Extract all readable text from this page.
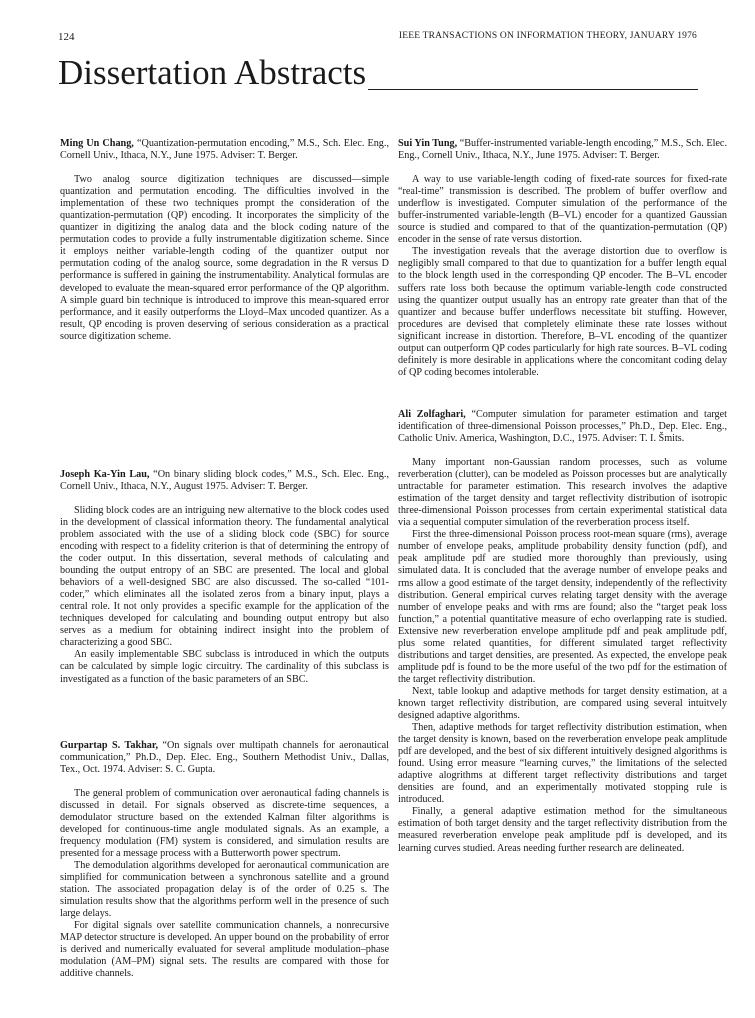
124	IEEE TRANSACTIONS ON INFORMATION THEORY, JANUARY 1976
Dissertation Abstracts

Ming Un Chang, “Quantization-permutation encoding,” M.S., Sch. Elec. Eng., Cornell Univ., Ithaca, N.Y., June 1975. Adviser: T. Berger.

Two analog source digitization techniques are discussed—simple quantization and permutation encoding. The difficulties involved in the implementation of these two techniques prompt the consideration of the quantization-permutation (QP) encoding. It incorporates the simplicity of the quantizer in digitizing the analog data and the block coding nature of the permutation codes to provide a fully instrumentable digitization scheme. Since it employs neither variable-length coding of the quantizer output nor permutation coding of the analog source, some degradation in the R versus D performance is suffered in gaining the instrumentability. Analytical formulas are developed to evaluate the mean-squared error performance of the QP algorithm. A simple guard bin technique is introduced to improve this mean-squared error performance, and it easily outperforms the Lloyd–Max uncoded quantizer. As a result, QP encoding is proven deserving of serious consideration as a practical source digitization scheme.

Joseph Ka-Yin Lau, “On binary sliding block codes,” M.S., Sch. Elec. Eng., Cornell Univ., Ithaca, N.Y., August 1975. Adviser: T. Berger.

Sliding block codes are an intriguing new alternative to the block codes used in the development of classical information theory. The fundamental analytical problem associated with the use of a sliding block code (SBC) for source encoding with respect to a fidelity criterion is that of determining the entropy of the coder output. In this dissertation, several methods of calculating and bounding the output entropy of an SBC are presented. The local and global behaviors of a well-designed SBC are also discussed. The so-called “101-coder,” which eliminates all the isolated zeros from a binary input, plays a central role. It not only provides a specific example for the application of the techniques developed for calculating and bounding output entropy but also serves as a medium for obtaining indirect insight into the problem of characterizing a good SBC.

An easily implementable SBC subclass is introduced in which the outputs can be calculated by simple logic circuitry. The cardinality of this subclass is investigated as a function of the basic parameters of an SBC.

Gurpartap S. Takhar, “On signals over multipath channels for aeronautical communication,” Ph.D., Dep. Elec. Eng., Southern Methodist Univ., Dallas, Tex., Oct. 1974. Adviser: S. C. Gupta.

The general problem of communication over aeronautical fading channels is discussed in detail. For signals observed as discrete-time sequences, a demodulator structure based on the extended Kalman filter algorithms is developed for continuous-time angle modulated signals. As an example, a frequency modulation (FM) system is considered, and simulation results are presented for a message process with a Butterworth power spectrum.

The demodulation algorithms developed for aeronautical communication are simplified for communication between a synchronous satellite and a ground station. The associated propagation delay is of the order of 0.25 s. The simulation results show that the algorithms perform well in the presence of such large delays.

For digital signals over satellite communication channels, a nonrecursive MAP detector structure is developed. An upper bound on the probability of error is derived and numerically evaluated for several amplitude modulation–phase modulation (AM–PM) signal sets. The results are compared with those for additive channels.

Sui Yin Tung, “Buffer-instrumented variable-length encoding,” M.S., Sch. Elec. Eng., Cornell Univ., Ithaca, N.Y., June 1975. Adviser: T. Berger.

A way to use variable-length coding of fixed-rate sources for fixed-rate “real-time” transmission is described. The problem of buffer overflow and underflow is investigated. Computer simulation of the performance of the buffer-instrumented variable-length (B–VL) encoder for a quantized Gaussian source is studied and compared to that of the quantization-permutation (QP) encoder in the sense of rate versus distortion.

The investigation reveals that the average distortion due to overflow is negligibly small compared to that due to quantization for a buffer length equal to the block length used in the corresponding QP encoder. The B–VL encoder suffers rate loss both because the optimum variable-length code constructed using the quantizer output usually has an entropy rate greater than that of the quantizer and because buffer underflows necessitate bit stuffing. However, procedures are devised that completely eliminate these rate losses without significant increase in distortion. Therefore, B–VL encoding of the quantizer output can outperform QP codes particularly for high rate sources. B–VL coding definitely is more desirable in applications where the concomitant coding delay of QP coding becomes intolerable.

Ali Zolfaghari, “Computer simulation for parameter estimation and target identification of three-dimensional Poisson processes,” Ph.D., Dep. Elec. Eng., Catholic Univ. America, Washington, D.C., 1975. Adviser: T. I. Šmits.

Many important non-Gaussian random processes, such as volume reverberation (clutter), can be modeled as Poisson processes but are analytically untractable for parameter estimation. This research involves the adaptive estimation of the target density and target reflectivity distribution of isotropic three-dimensional Poisson processes from certain experimental statistical data via a sequential computer simulation of the reverberation process itself.

First the three-dimensional Poisson process root-mean square (rms), average number of envelope peaks, amplitude probability density function (pdf), and peak amplitude pdf are studied more thoroughly than previously, using simulated data. It is concluded that the average number of envelope peaks and rms allow a good estimate of the target density, independently of the reflectivity distribution. General empirical curves relating target density with the average number of envelope peaks and with rms are found; also the “target peak loss function,” a potential quantitative measure of echo overlapping rate is studied. Extensive new reverberation envelope amplitude pdf and peak amplitude pdf, plus some related quantities, for different simulated target reflectivity distributions and target densities, are presented. As expected, the envelope peak amplitude pdf is found to be the more useful of the two pdf for the estimation of the target reflectivity distribution.

Next, table lookup and adaptive methods for target density estimation, at a known target reflectivity distribution, are compared using several intuitvely designed adaptive algorithms.

Then, adaptive methods for target reflectivity distribution estimation, when the target density is known, based on the reverberation envelope peak amplitude pdf are developed, and the best of six different intuitively designed algorithms is found. Using error measure “learning curves,” the limitations of the selected adaptive alogrithms at different target reflectivity distributions and target densities are found, and an experimentally motivated stopping rule is introduced.

Finally, a general adaptive estimation method for the simultaneous estimation of both target density and the target reflectivity distribution from the measured reverberation envelope peak amplitude pdf is developed, and its learning curves studied. Areas needing further research are delineated.
